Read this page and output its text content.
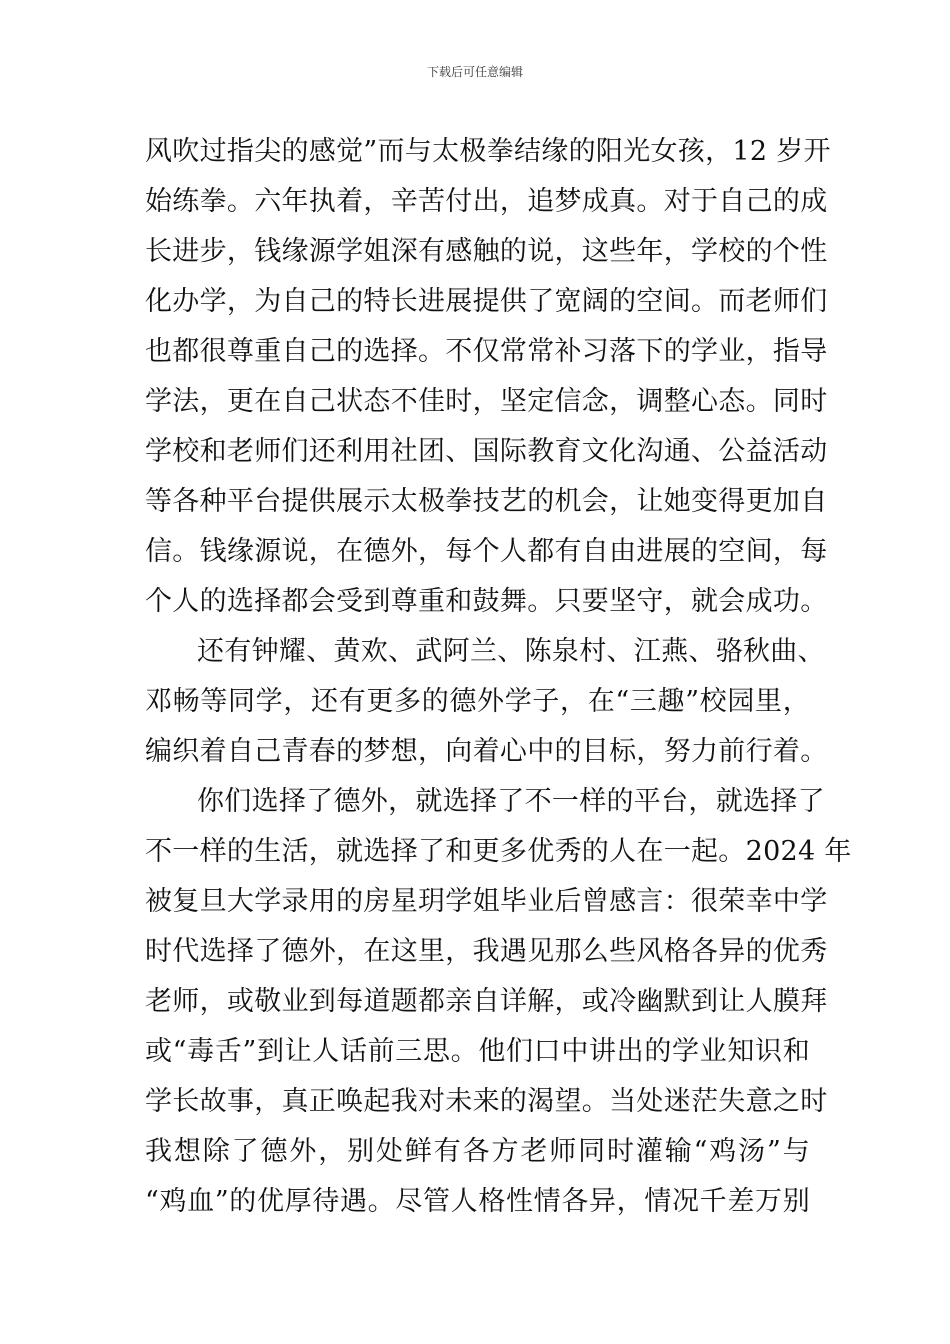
下载后可任意编辑
风吹过指尖的感觉”而与太极拳结缘的阳光女孩，12 岁开
始练拳。六年执着，辛苦付出，追梦成真。对于自己的成
长进步，钱缘源学姐深有感触的说，这些年，学校的个性
化办学，为自己的特长进展提供了宽阔的空间。而老师们
也都很尊重自己的选择。不仅常常补习落下的学业，指导
学法，更在自己状态不佳时，坚定信念，调整心态。同时
学校和老师们还利用社团、国际教育文化沟通、公益活动
等各种平台提供展示太极拳技艺的机会，让她变得更加自
信。钱缘源说，在德外，每个人都有自由进展的空间，每
个人的选择都会受到尊重和鼓舞。只要坚守，就会成功。
还有钟耀、黄欢、武阿兰、陈泉村、江燕、骆秋曲、
邓畅等同学，还有更多的德外学子，在“三趣”校园里，
编织着自己青春的梦想，向着心中的目标，努力前行着。
你们选择了德外，就选择了不一样的平台，就选择了
不一样的生活，就选择了和更多优秀的人在一起。2024 年
被复旦大学录用的房星玥学姐毕业后曾感言：很荣幸中学
时代选择了德外，在这里，我遇见那么些风格各异的优秀
老师，或敬业到每道题都亲自详解，或冷幽默到让人膜拜
或“毒舌”到让人话前三思。他们口中讲出的学业知识和
学长故事，真正唤起我对未来的渴望。当处迷茫失意之时
我想除了德外，别处鲜有各方老师同时灌输“鸡汤”与
“鸡血”的优厚待遇。尽管人格性情各异，情况千差万别
